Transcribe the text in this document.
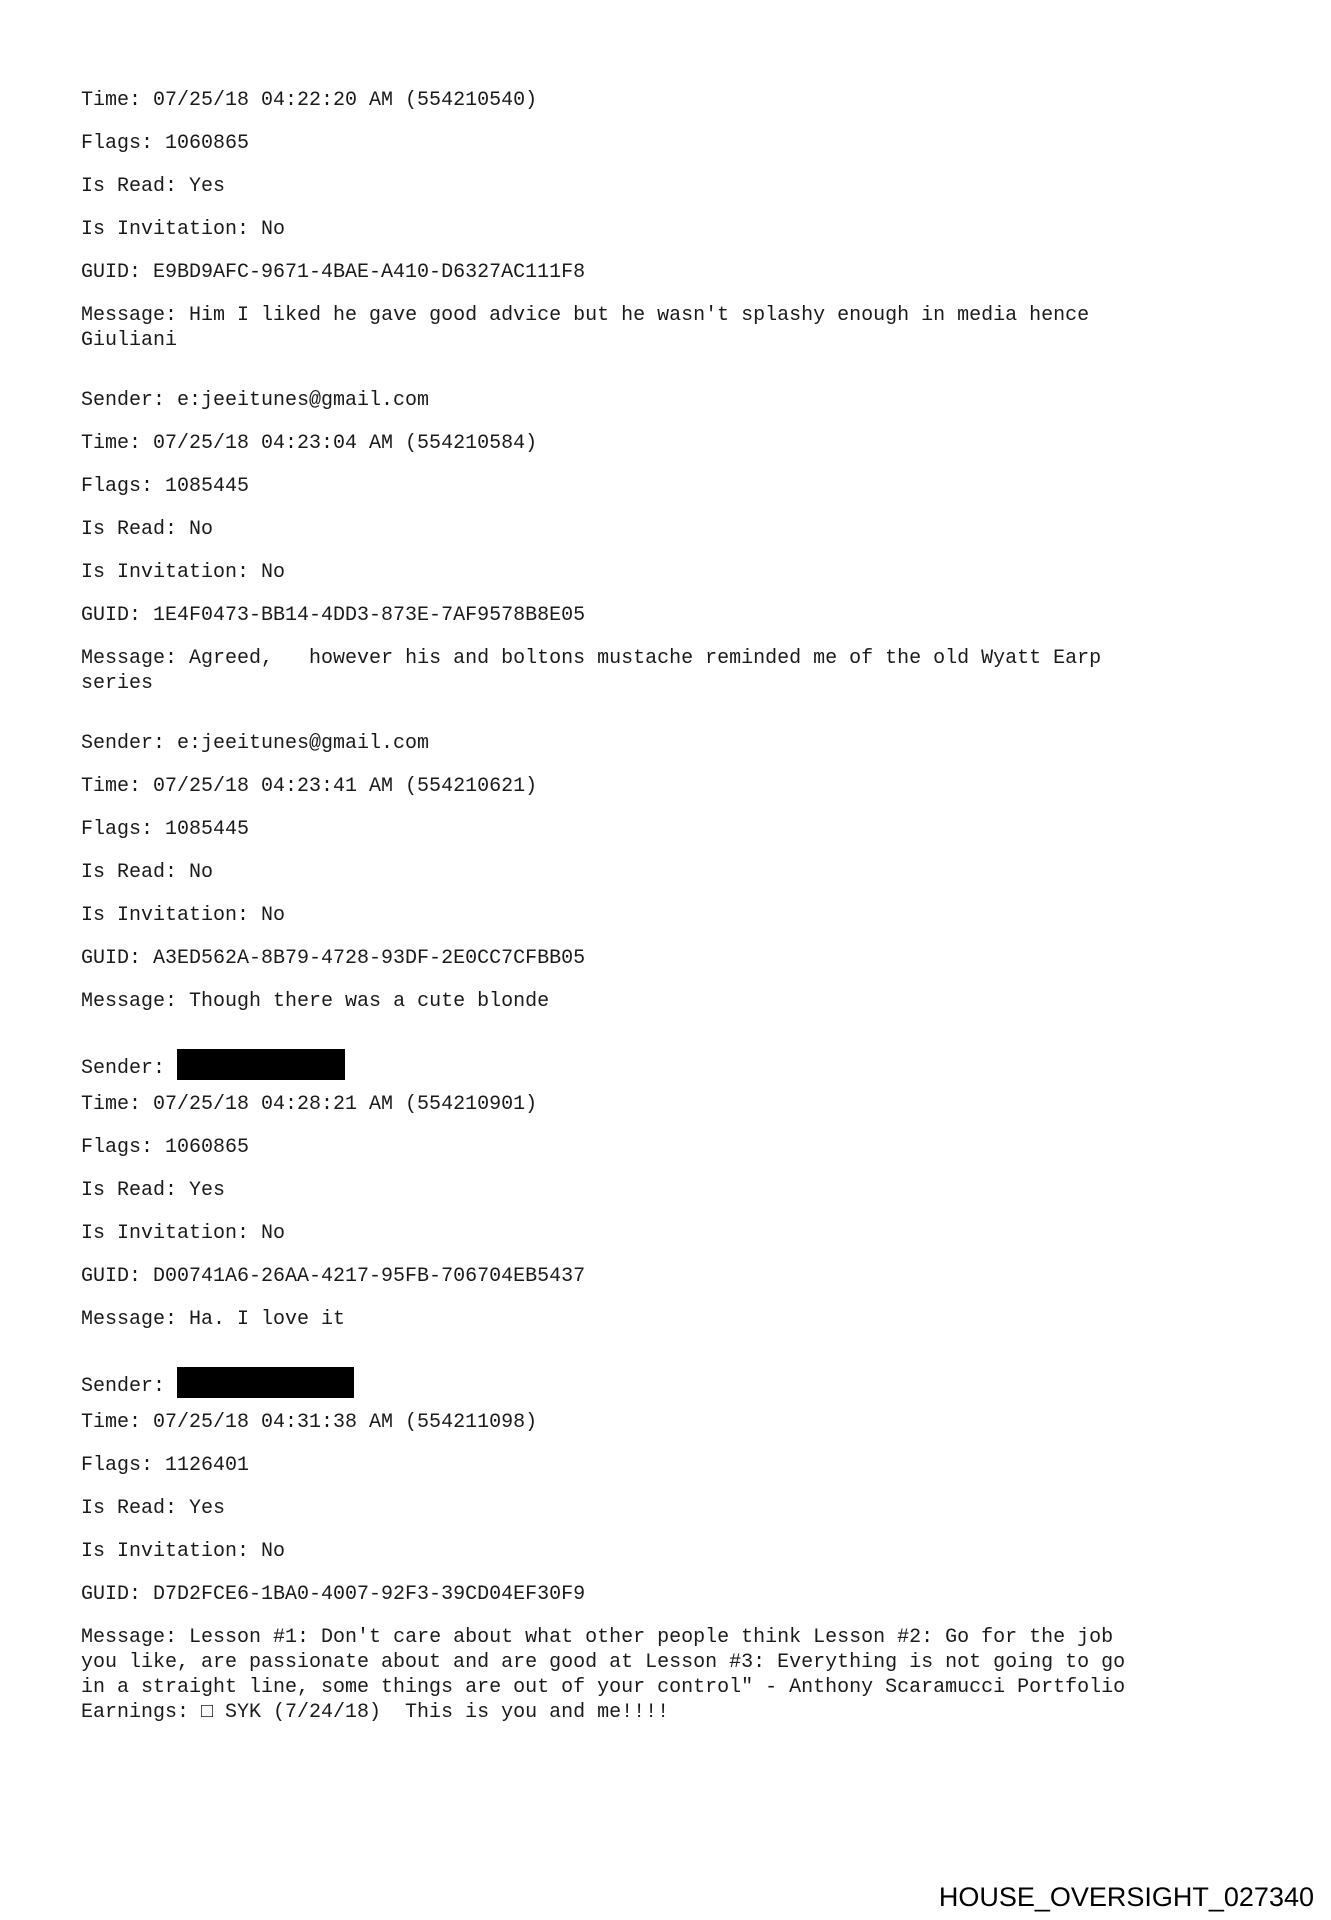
Time: 07/25/18 04:22:20 AM (554210540)
Flags: 1060865
Is Read: Yes
Is Invitation: No
GUID: E9BD9AFC-9671-4BAE-A410-D6327AC111F8
Message: Him I liked he gave good advice but he wasn't splashy enough in media hence
Giuliani
Sender: e:jeeitunes@gmail.com
Time: 07/25/18 04:23:04 AM (554210584)
Flags: 1085445
Is Read: No
Is Invitation: No
GUID: 1E4F0473-BB14-4DD3-873E-7AF9578B8E05
Message: Agreed,   however his and boltons mustache reminded me of the old Wyatt Earp
series
Sender: e:jeeitunes@gmail.com
Time: 07/25/18 04:23:41 AM (554210621)
Flags: 1085445
Is Read: No
Is Invitation: No
GUID: A3ED562A-8B79-4728-93DF-2E0CC7CFBB05
Message: Though there was a cute blonde
Sender:
Time: 07/25/18 04:28:21 AM (554210901)
Flags: 1060865
Is Read: Yes
Is Invitation: No
GUID: D00741A6-26AA-4217-95FB-706704EB5437
Message: Ha. I love it
Sender:
Time: 07/25/18 04:31:38 AM (554211098)
Flags: 1126401
Is Read: Yes
Is Invitation: No
GUID: D7D2FCE6-1BA0-4007-92F3-39CD04EF30F9
Message: Lesson #1: Don't care about what other people think Lesson #2: Go for the job
you like, are passionate about and are good at Lesson #3: Everything is not going to go
in a straight line, some things are out of your control" - Anthony Scaramucci Portfolio
Earnings: □ SYK (7/24/18)  This is you and me!!!!
HOUSE_OVERSIGHT_027340
